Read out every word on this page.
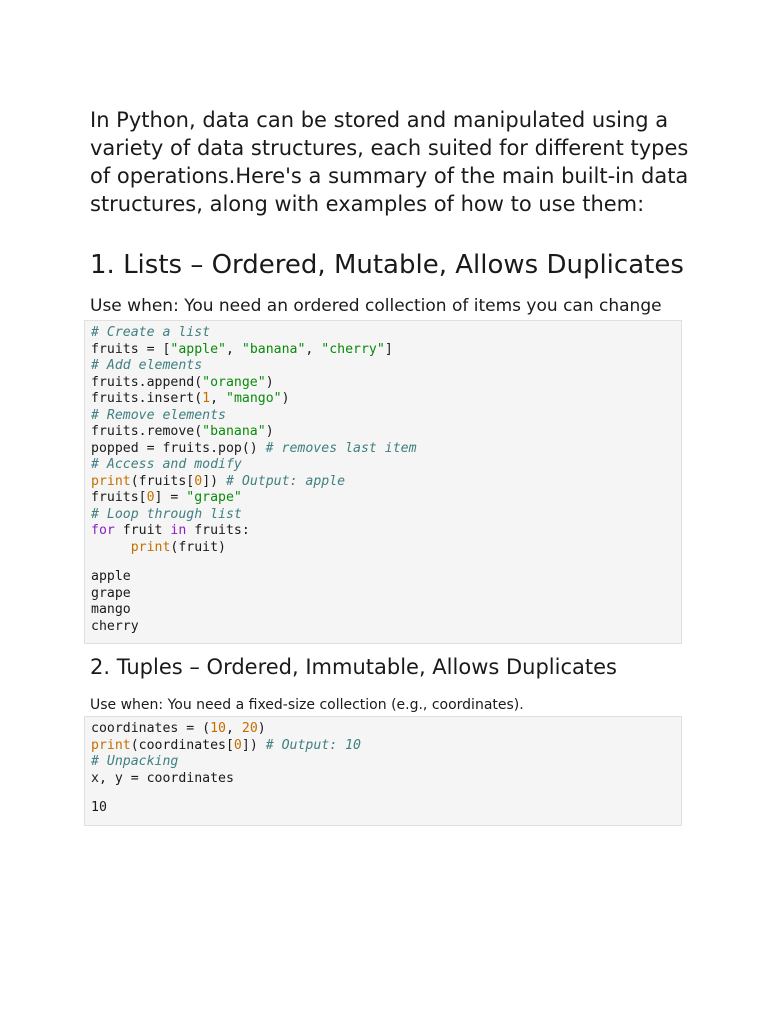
In Python, data can be stored and manipulated using a variety of data structures, each suited for different types of operations.Here's a summary of the main built-in data structures, along with examples of how to use them:

1. Lists – Ordered, Mutable, Allows Duplicates

Use when: You need an ordered collection of items you can change

# Create a list
fruits = ["apple", "banana", "cherry"]
# Add elements
fruits.append("orange")
fruits.insert(1, "mango")
# Remove elements
fruits.remove("banana")
popped = fruits.pop() # removes last item
# Access and modify
print(fruits[0]) # Output: apple
fruits[0] = "grape"
# Loop through list
for fruit in fruits:
print(fruit)
apple
grape
mango
cherry
2. Tuples – Ordered, Immutable, Allows Duplicates

Use when: You need a fixed-size collection (e.g., coordinates).

coordinates = (10, 20)
print(coordinates[0]) # Output: 10
# Unpacking
x, y = coordinates
10
